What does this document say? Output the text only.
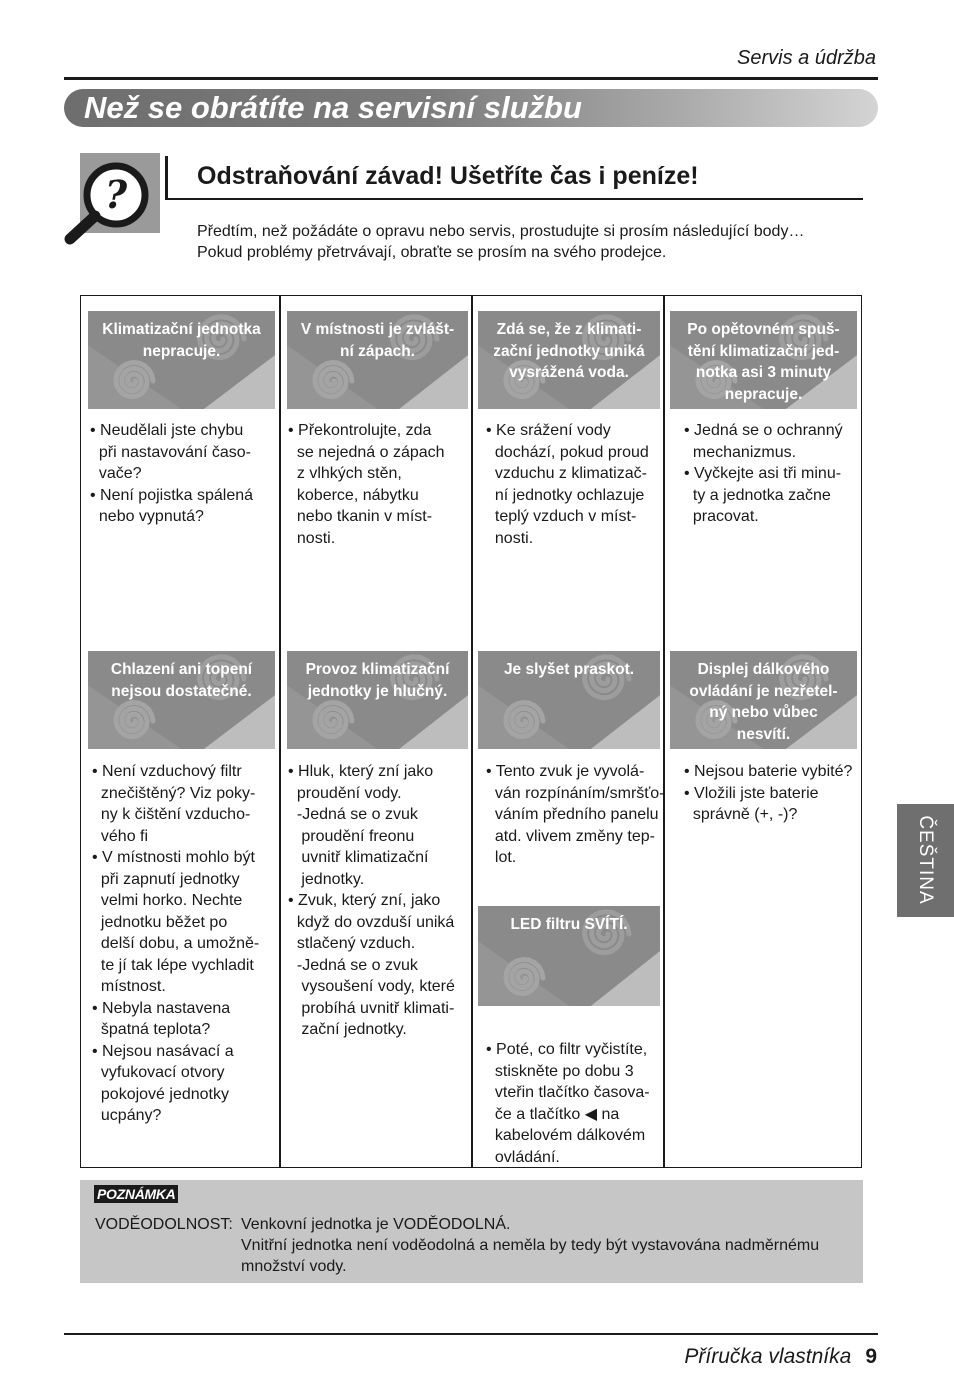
Servis a údržba
Než se obrátíte na servisní službu
?	Odstraňování závad! Ušetříte čas i peníze!
Předtím, než požádáte o opravu nebo servis, prostudujte si prosím následující body…
Pokud problémy přetrvávají, obraťte se prosím na svého prodejce.
Klimatizační jednotka
nepracuje.
• Neudělali jste chybu
při nastavování časo-
vače?
• Není pojistka spálená
nebo vypnutá?
V místnosti je zvlášt-
ní zápach.
• Překontrolujte, zda
se nejedná o zápach
z vlhkých stěn,
koberce, nábytku
nebo tkanin v míst-
nosti.
Zdá se, že z klimati-
zační jednotky uniká
vysrážená voda.
• Ke srážení vody
dochází, pokud proud
vzduchu z klimatizač-
ní jednotky ochlazuje
teplý vzduch v míst-
nosti.
Po opětovném spuš-
tění klimatizační jed-
notka asi 3 minuty
nepracuje.
• Jedná se o ochranný
mechanizmus.
• Vyčkejte asi tři minu-
ty a jednotka začne
pracovat.
Chlazení ani topení
nejsou dostatečné.
• Není vzduchový filtr
znečištěný? Viz poky-
ny k čištění vzducho-
vého fi
• V místnosti mohlo být
při zapnutí jednotky
velmi horko. Nechte
jednotku běžet po
delší dobu, a umožně-
te jí tak lépe vychladit
místnost.
• Nebyla nastavena
špatná teplota?
• Nejsou nasávací a
vyfukovací otvory
pokojové jednotky
ucpány?
Provoz klimatizační
jednotky je hlučný.
• Hluk, který zní jako
proudění vody.
-Jedná se o zvuk
proudění freonu
uvnitř klimatizační
jednotky.
• Zvuk, který zní, jako
když do ovzduší uniká
stlačený vzduch.
-Jedná se o zvuk
vysoušení vody, které
probíhá uvnitř klimati-
zační jednotky.
Je slyšet praskot.
• Tento zvuk je vyvolá-
ván rozpínáním/smršťo-
váním předního panelu
atd. vlivem změny tep-
lot.
Displej dálkového
ovládání je nezřetel-
ný nebo vůbec
nesvítí.
• Nejsou baterie vybité?
• Vložili jste baterie
správně (+, -)?
LED filtru SVÍTÍ.
• Poté, co filtr vyčistíte,
stiskněte po dobu 3
vteřin tlačítko časova-
če a tlačítko ◀ na
kabelovém dálkovém
ovládání.
POZNÁMKA
VODĚODOLNOST: Venkovní jednotka je VODĚODOLNÁ.
Vnitřní jednotka není voděodolná a neměla by tedy být vystavována nadměrnému
množství vody.
Příručka vlastníka 9
ČEŠTINA
